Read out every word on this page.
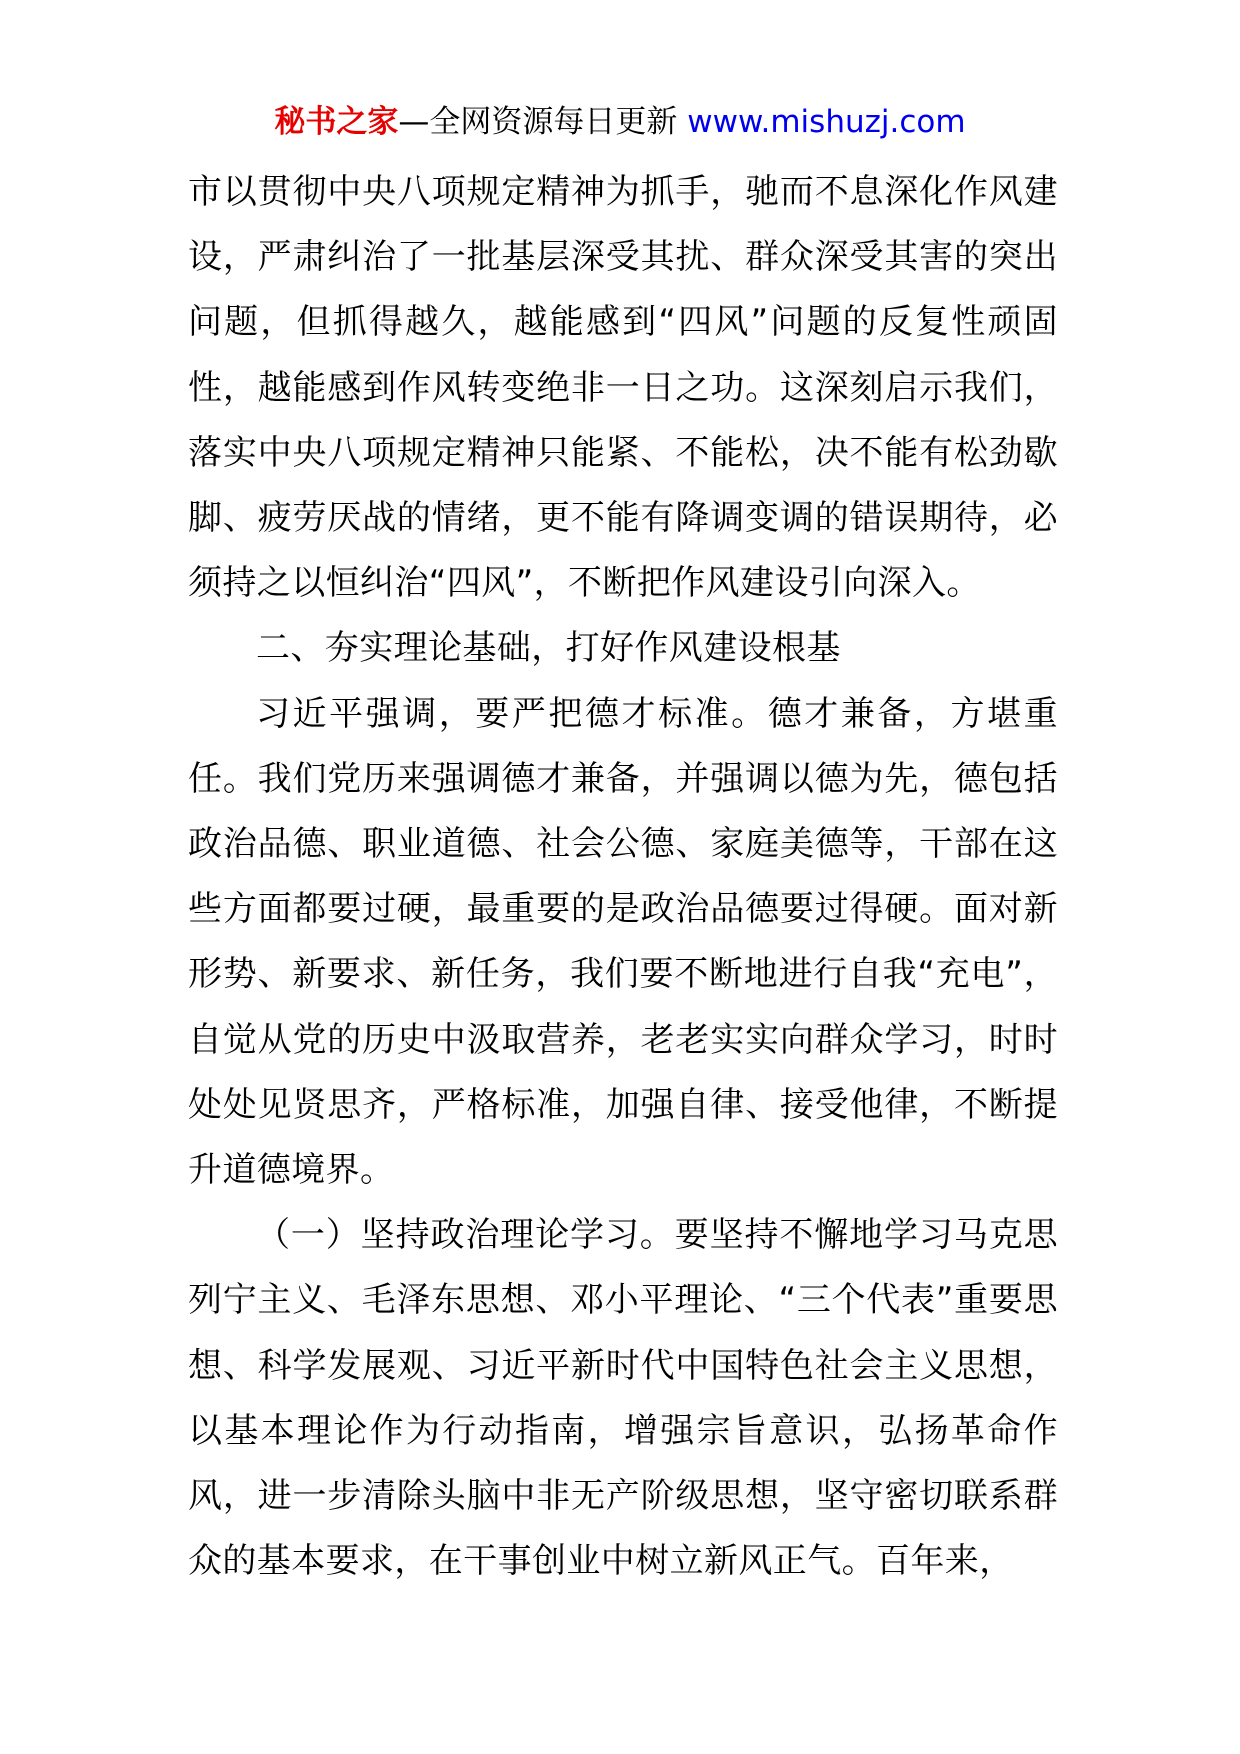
秘书之家—全网资源每日更新 www.mishuzj.com

市以贯彻中央八项规定精神为抓手，驰而不息深化作风建设，严肃纠治了一批基层深受其扰、群众深受其害的突出问题，但抓得越久，越能感到“四风”问题的反复性顽固性，越能感到作风转变绝非一日之功。这深刻启示我们，落实中央八项规定精神只能紧、不能松，决不能有松劲歇脚、疲劳厌战的情绪，更不能有降调变调的错误期待，必须持之以恒纠治“四风”，不断把作风建设引向深入。

二、夯实理论基础，打好作风建设根基

习近平强调，要严把德才标准。德才兼备，方堪重任。我们党历来强调德才兼备，并强调以德为先，德包括政治品德、职业道德、社会公德、家庭美德等，干部在这些方面都要过硬，最重要的是政治品德要过得硬。面对新形势、新要求、新任务，我们要不断地进行自我“充电”，自觉从党的历史中汲取营养，老老实实向群众学习，时时处处见贤思齐，严格标准，加强自律、接受他律，不断提升道德境界。

（一）坚持政治理论学习。要坚持不懈地学习马克思列宁主义、毛泽东思想、邓小平理论、“三个代表”重要思想、科学发展观、习近平新时代中国特色社会主义思想，以基本理论作为行动指南，增强宗旨意识，弘扬革命作风，进一步清除头脑中非无产阶级思想，坚守密切联系群众的基本要求，在干事创业中树立新风正气。百年来，
